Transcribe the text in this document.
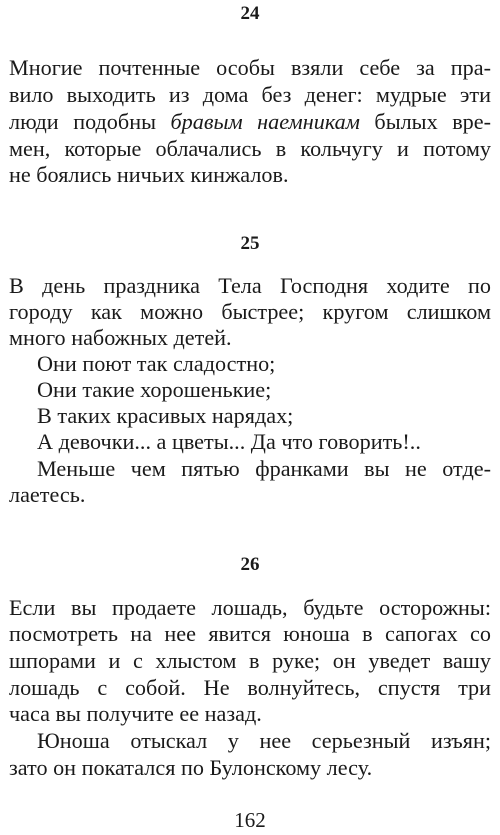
24
Многие почтенные особы взяли себе за пра-
вило выходить из дома без денег: мудрые эти
люди подобны бравым наемникам былых вре-
мен, которые облачались в кольчугу и потому
не боялись ничьих кинжалов.
25
В день праздника Тела Господня ходите по
городу как можно быстрее; кругом слишком
много набожных детей.
Они поют так сладостно;
Они такие хорошенькие;
В таких красивых нарядах;
А девочки... а цветы... Да что говорить!..
Меньше чем пятью франками вы не отде-
лаетесь.
26
Если вы продаете лошадь, будьте осторожны:
посмотреть на нее явится юноша в сапогах со
шпорами и с хлыстом в руке; он уведет вашу
лошадь с собой. Не волнуйтесь, спустя три
часа вы получите ее назад.
Юноша отыскал у нее серьезный изъян;
зато он покатался по Булонскому лесу.
162
